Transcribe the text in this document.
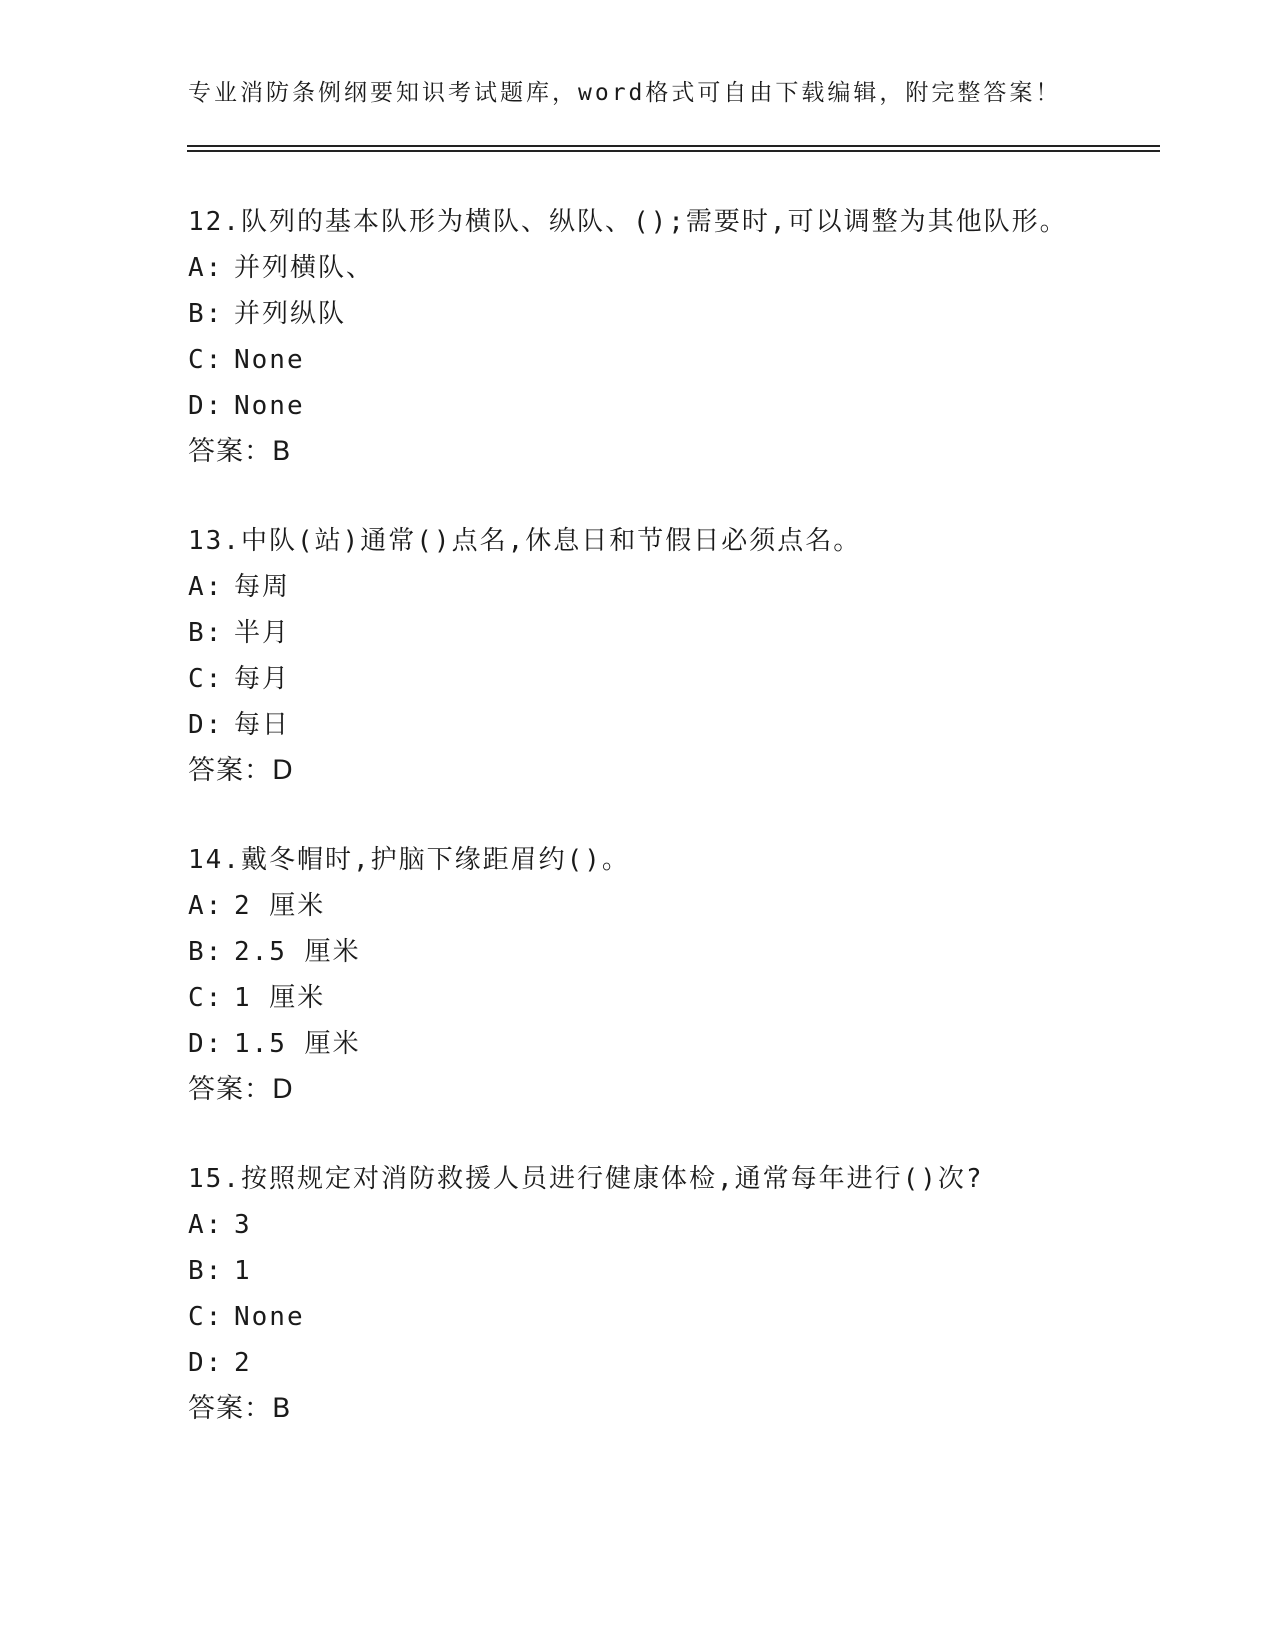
专业消防条例纲要知识考试题库，word格式可自由下载编辑，附完整答案！
12.队列的基本队形为横队、纵队、();需要时,可以调整为其他队形。
A: 并列横队、
B: 并列纵队
C: None
D: None
答案：B
13.中队(站)通常()点名,休息日和节假日必须点名。
A: 每周
B: 半月
C: 每月
D: 每日
答案：D
14.戴冬帽时,护脑下缘距眉约()。
A: 2 厘米
B: 2.5 厘米
C: 1 厘米
D: 1.5 厘米
答案：D
15.按照规定对消防救援人员进行健康体检,通常每年进行()次?
A: 3
B: 1
C: None
D: 2
答案：B
